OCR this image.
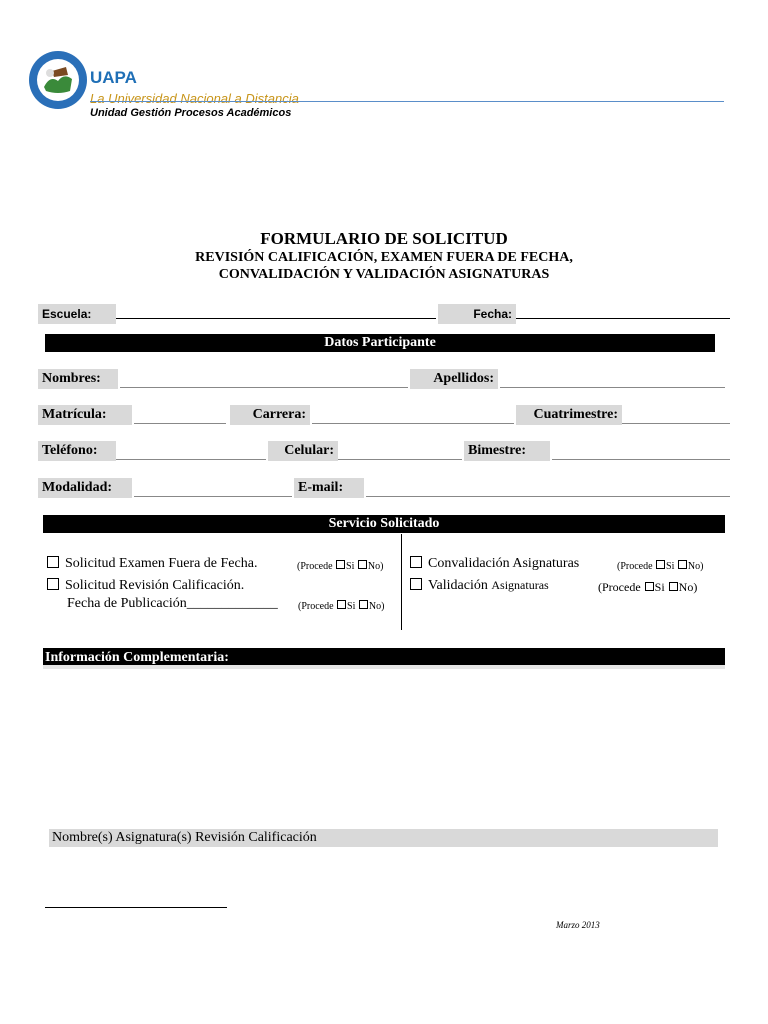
UAPA
La Universidad Nacional a Distancia
Unidad Gestión Procesos Académicos
FORMULARIO DE SOLICITUD
REVISIÓN CALIFICACIÓN, EXAMEN FUERA DE FECHA,
CONVALIDACIÓN Y VALIDACIÓN ASIGNATURAS
Escuela:	Fecha:
Datos Participante
Nombres:	Apellidos:
Matrícula:	Carrera:	Cuatrimestre:
Teléfono:	Celular:	Bimestre:
Modalidad:	E-mail:
Servicio Solicitado
Solicitud Examen Fuera de Fecha.	(Procede Si No)
Solicitud Revisión Calificación.
Fecha de Publicación_____________ (Procede Si No)
Convalidación Asignaturas	(Procede Si No)
Validación Asignaturas	(Procede Si No)
Información Complementaria:
Nombre(s) Asignatura(s) Revisión Calificación
Marzo 2013
